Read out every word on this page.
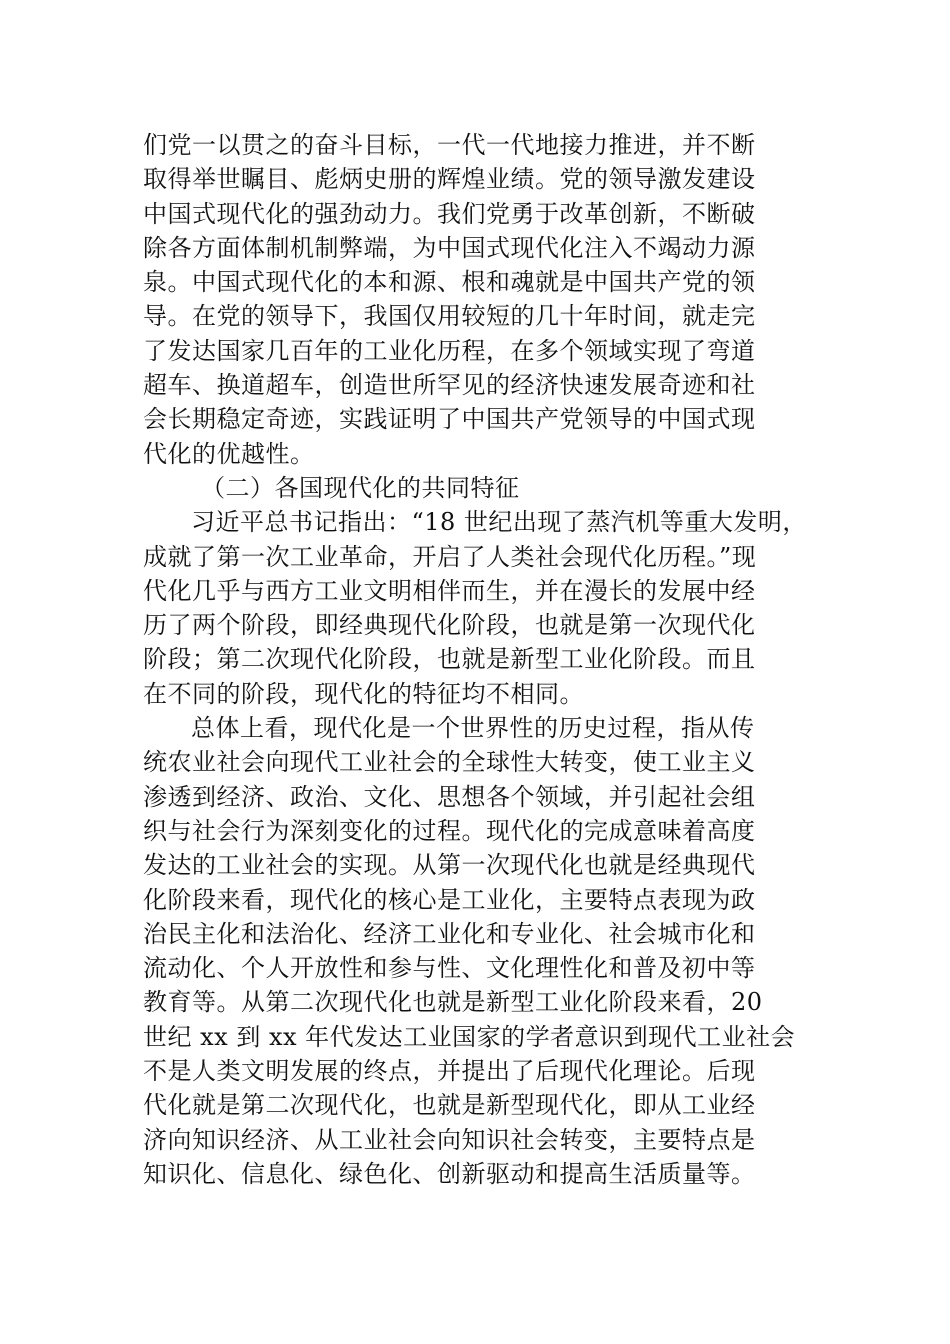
们党一以贯之的奋斗目标，一代一代地接力推进，并不断
取得举世瞩目、彪炳史册的辉煌业绩。党的领导激发建设
中国式现代化的强劲动力。我们党勇于改革创新，不断破
除各方面体制机制弊端，为中国式现代化注入不竭动力源
泉。中国式现代化的本和源、根和魂就是中国共产党的领
导。在党的领导下，我国仅用较短的几十年时间，就走完
了发达国家几百年的工业化历程，在多个领域实现了弯道
超车、换道超车，创造世所罕见的经济快速发展奇迹和社
会长期稳定奇迹，实践证明了中国共产党领导的中国式现
代化的优越性。
（二）各国现代化的共同特征
习近平总书记指出：“18 世纪出现了蒸汽机等重大发明，
成就了第一次工业革命，开启了人类社会现代化历程。”现
代化几乎与西方工业文明相伴而生，并在漫长的发展中经
历了两个阶段，即经典现代化阶段，也就是第一次现代化
阶段；第二次现代化阶段，也就是新型工业化阶段。而且
在不同的阶段，现代化的特征均不相同。
总体上看，现代化是一个世界性的历史过程，指从传
统农业社会向现代工业社会的全球性大转变，使工业主义
渗透到经济、政治、文化、思想各个领域，并引起社会组
织与社会行为深刻变化的过程。现代化的完成意味着高度
发达的工业社会的实现。从第一次现代化也就是经典现代
化阶段来看，现代化的核心是工业化，主要特点表现为政
治民主化和法治化、经济工业化和专业化、社会城市化和
流动化、个人开放性和参与性、文化理性化和普及初中等
教育等。从第二次现代化也就是新型工业化阶段来看，20
世纪 xx 到 xx 年代发达工业国家的学者意识到现代工业社会
不是人类文明发展的终点，并提出了后现代化理论。后现
代化就是第二次现代化，也就是新型现代化，即从工业经
济向知识经济、从工业社会向知识社会转变，主要特点是
知识化、信息化、绿色化、创新驱动和提高生活质量等。
